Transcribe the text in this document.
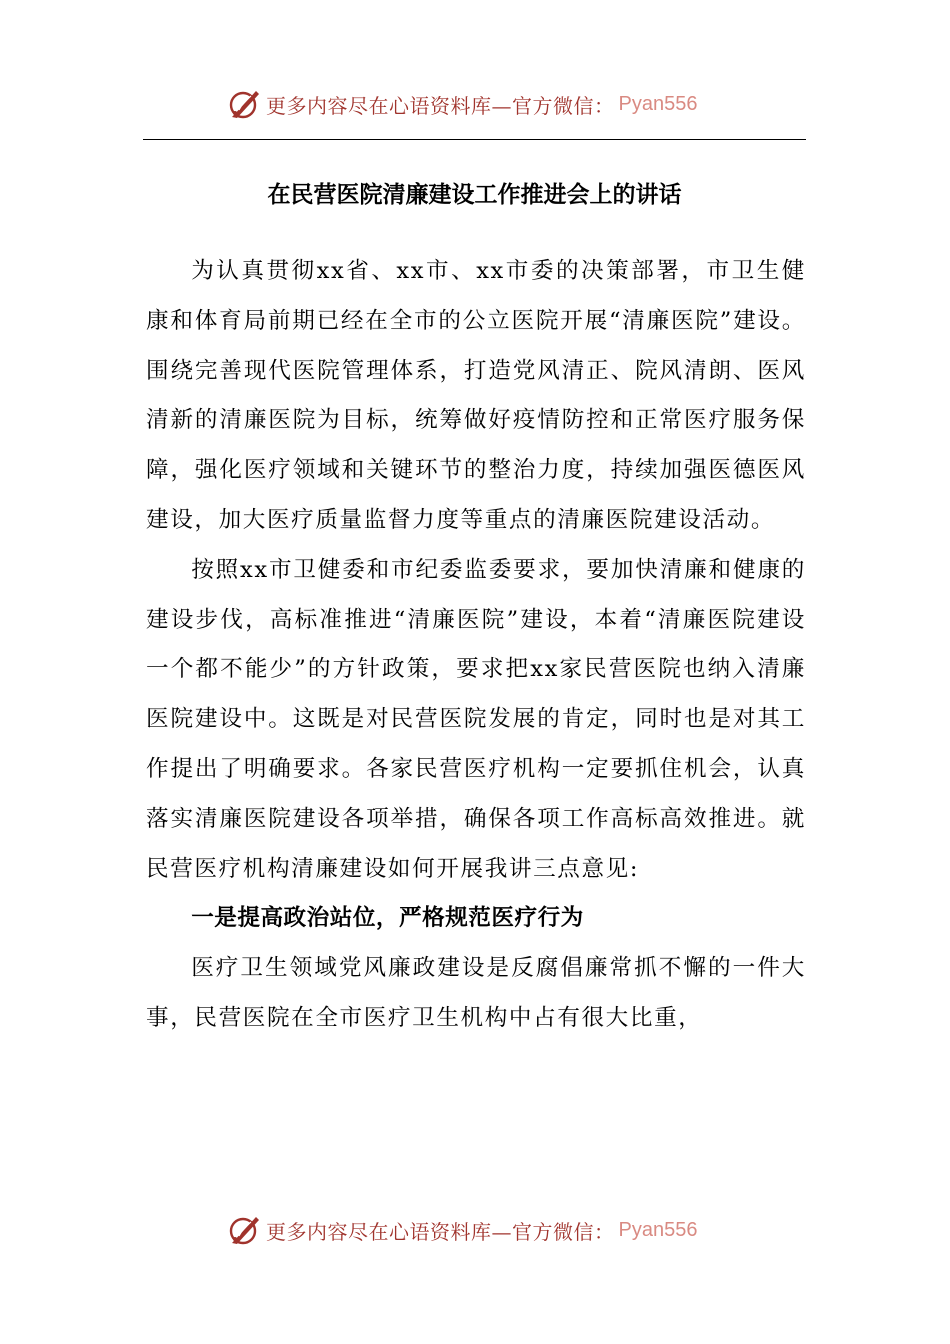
更多内容尽在心语资料库—官方微信： Pyan556
在民营医院清廉建设工作推进会上的讲话

为认真贯彻xx省、xx市、xx市委的决策部署，市卫生健康和体育局前期已经在全市的公立医院开展“清廉医院”建设。围绕完善现代医院管理体系，打造党风清正、院风清朗、医风清新的清廉医院为目标，统筹做好疫情防控和正常医疗服务保障，强化医疗领域和关键环节的整治力度，持续加强医德医风建设，加大医疗质量监督力度等重点的清廉医院建设活动。

按照xx市卫健委和市纪委监委要求，要加快清廉和健康的建设步伐，高标准推进“清廉医院”建设，本着“清廉医院建设一个都不能少”的方针政策，要求把xx家民营医院也纳入清廉医院建设中。这既是对民营医院发展的肯定，同时也是对其工作提出了明确要求。各家民营医疗机构一定要抓住机会，认真落实清廉医院建设各项举措，确保各项工作高标高效推进。就民营医疗机构清廉建设如何开展我讲三点意见:

一是提高政治站位，严格规范医疗行为

医疗卫生领域党风廉政建设是反腐倡廉常抓不懈的一件大事，民营医院在全市医疗卫生机构中占有很大比重，

更多内容尽在心语资料库—官方微信： Pyan556
